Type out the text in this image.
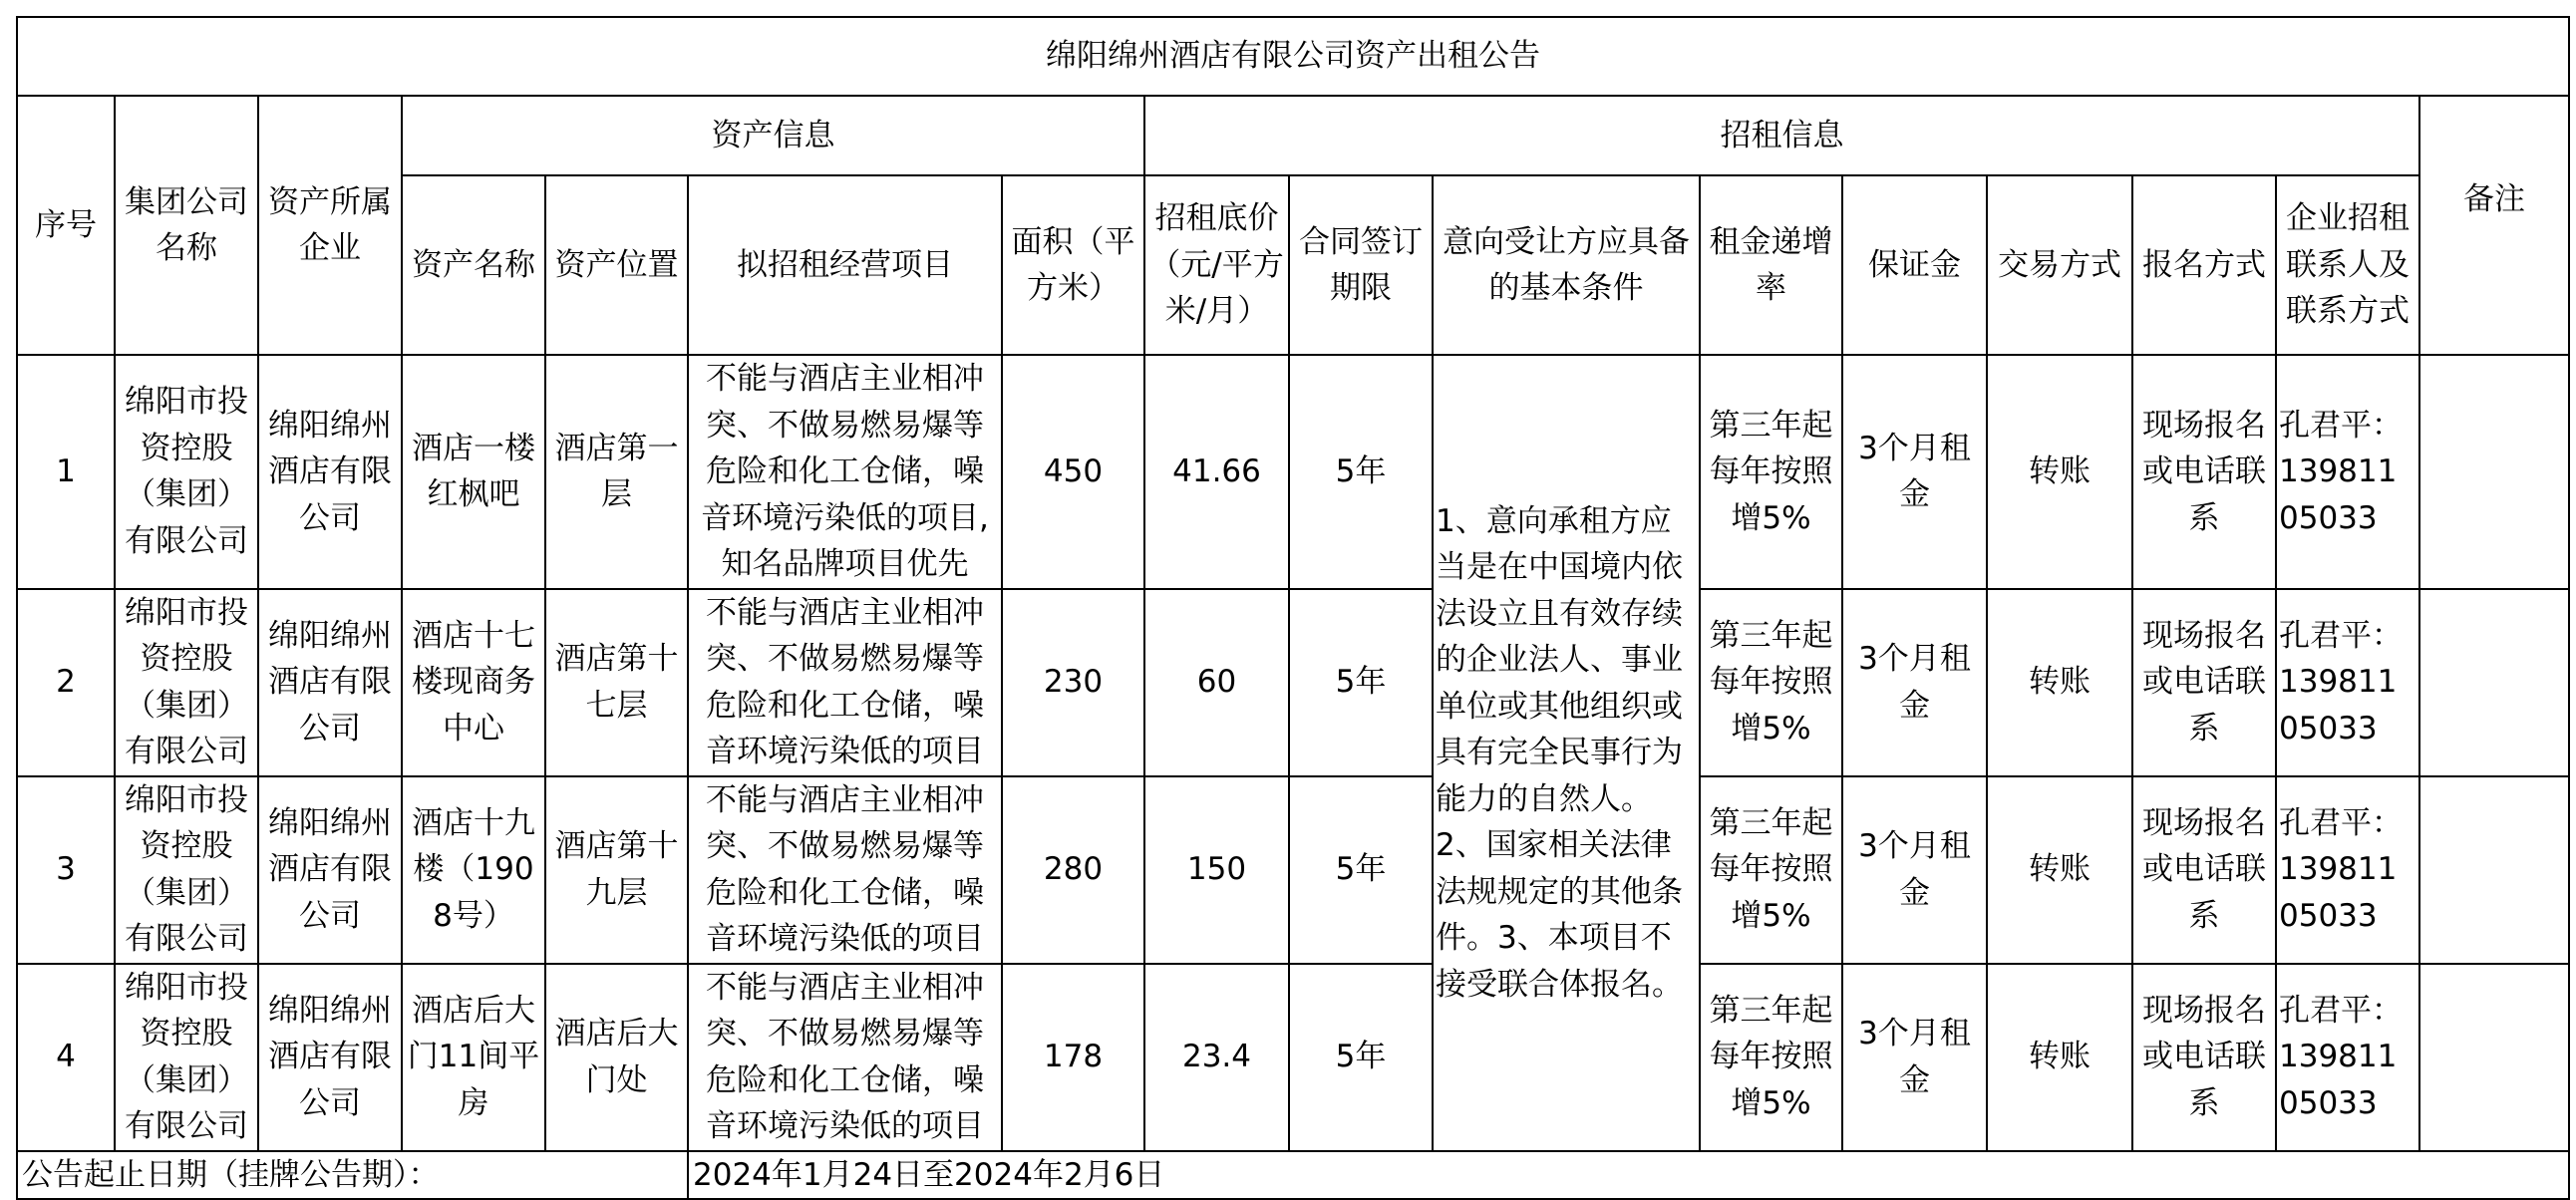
绵阳绵州酒店有限公司资产出租公告															
序号	集团公司名称	资产所属企业	资产信息				招租信息								备注
			资产名称	资产位置	拟招租经营项目	面积（平方米）	招租底价（元/平方米/月）	合同签订期限	意向受让方应具备的基本条件	租金递增率	保证金	交易方式	报名方式	企业招租联系人及联系方式	
1	绵阳市投资控股（集团）有限公司	绵阳绵州酒店有限公司	酒店一楼红枫吧	酒店第一层	不能与酒店主业相冲突、不做易燃易爆等危险和化工仓储，噪音环境污染低的项目,知名品牌项目优先	450	41.66	5年	1、意向承租方应当是在中国境内依法设立且有效存续的企业法人、事业单位或其他组织或具有完全民事行为能力的自然人。2、国家相关法律法规规定的其他条件。3、本项目不接受联合体报名。	第三年起每年按照增5%	3个月租金	转账	现场报名或电话联系	孔君平：13981105033	
2	绵阳市投资控股（集团）有限公司	绵阳绵州酒店有限公司	酒店十七楼现商务中心	酒店第十七层	不能与酒店主业相冲突、不做易燃易爆等危险和化工仓储，噪音环境污染低的项目	230	60	5年		第三年起每年按照增5%	3个月租金	转账	现场报名或电话联系	孔君平：13981105033	
3	绵阳市投资控股（集团）有限公司	绵阳绵州酒店有限公司	酒店十九楼（1908号）	酒店第十九层	不能与酒店主业相冲突、不做易燃易爆等危险和化工仓储，噪音环境污染低的项目	280	150	5年		第三年起每年按照增5%	3个月租金	转账	现场报名或电话联系	孔君平：13981105033	
4	绵阳市投资控股（集团）有限公司	绵阳绵州酒店有限公司	酒店后大门11间平房	酒店后大门处	不能与酒店主业相冲突、不做易燃易爆等危险和化工仓储，噪音环境污染低的项目	178	23.4	5年		第三年起每年按照增5%	3个月租金	转账	现场报名或电话联系	孔君平：13981105033	
公告起止日期（挂牌公告期）：					2024年1月24日至2024年2月6日										
